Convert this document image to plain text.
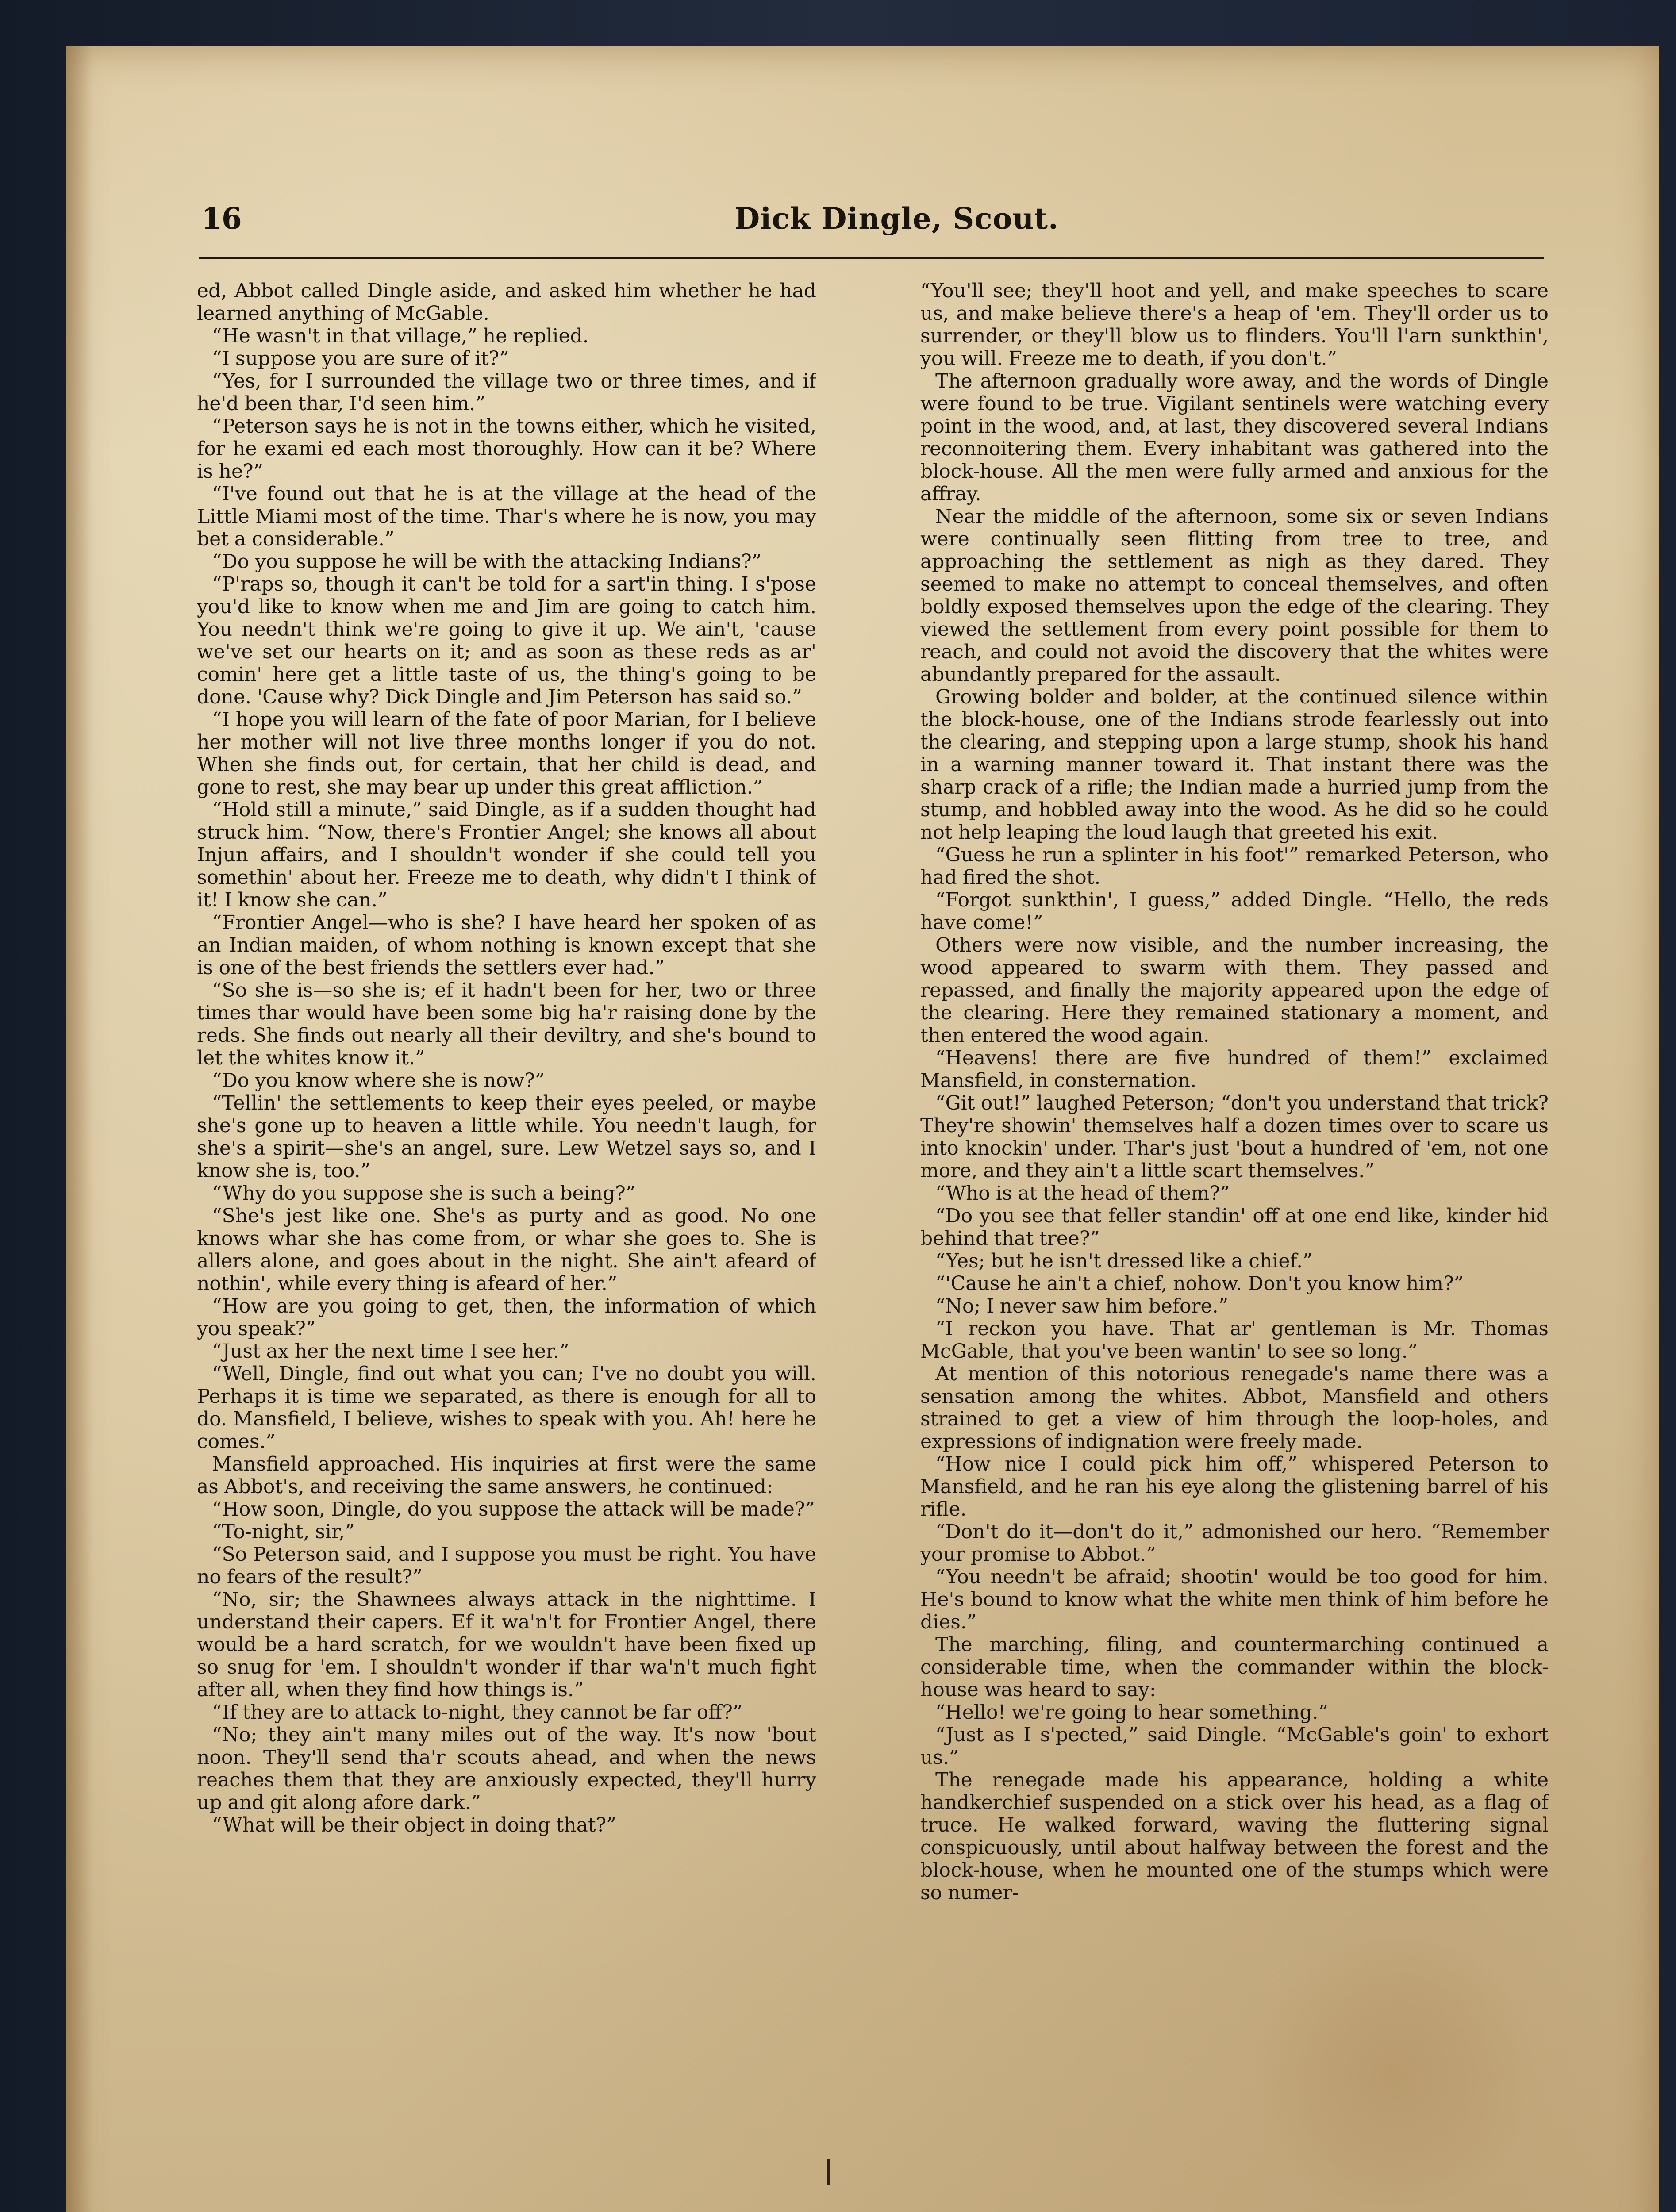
16	Dick Dingle, Scout.

ed, Abbot called Dingle aside, and asked him whether he had learned anything of McGable.

“He wasn't in that village,” he replied.

“I suppose you are sure of it?”

“Yes, for I surrounded the village two or three times, and if he'd been thar, I'd seen him.”

“Peterson says he is not in the towns either, which he visited, for he exami ed each most thoroughly. How can it be? Where is he?”

“I've found out that he is at the village at the head of the Little Miami most of the time. Thar's where he is now, you may bet a considerable.”

“Do you suppose he will be with the attacking Indians?”

“P'raps so, though it can't be told for a sart'in thing. I s'pose you'd like to know when me and Jim are going to catch him. You needn't think we're going to give it up. We ain't, 'cause we've set our hearts on it; and as soon as these reds as ar' comin' here get a little taste of us, the thing's going to be done. 'Cause why? Dick Dingle and Jim Peterson has said so.”

“I hope you will learn of the fate of poor Marian, for I believe her mother will not live three months longer if you do not. When she finds out, for certain, that her child is dead, and gone to rest, she may bear up under this great affliction.”

“Hold still a minute,” said Dingle, as if a sudden thought had struck him. “Now, there's Frontier Angel; she knows all about Injun affairs, and I shouldn't wonder if she could tell you somethin' about her. Freeze me to death, why didn't I think of it! I know she can.”

“Frontier Angel—who is she? I have heard her spoken of as an Indian maiden, of whom nothing is known except that she is one of the best friends the settlers ever had.”

“So she is—so she is; ef it hadn't been for her, two or three times thar would have been some big ha'r raising done by the reds. She finds out nearly all their deviltry, and she's bound to let the whites know it.”

“Do you know where she is now?”

“Tellin' the settlements to keep their eyes peeled, or maybe she's gone up to heaven a little while. You needn't laugh, for she's a spirit—she's an angel, sure. Lew Wetzel says so, and I know she is, too.”

“Why do you suppose she is such a being?”

“She's jest like one. She's as purty and as good. No one knows whar she has come from, or whar she goes to. She is allers alone, and goes about in the night. She ain't afeard of nothin', while every thing is afeard of her.”

“How are you going to get, then, the information of which you speak?”

“Just ax her the next time I see her.”

“Well, Dingle, find out what you can; I've no doubt you will. Perhaps it is time we separated, as there is enough for all to do. Mansfield, I believe, wishes to speak with you. Ah! here he comes.”

Mansfield approached. His inquiries at first were the same as Abbot's, and receiving the same answers, he continued:

“How soon, Dingle, do you suppose the attack will be made?”

“To-night, sir,”

“So Peterson said, and I suppose you must be right. You have no fears of the result?”

“No, sir; the Shawnees always attack in the nighttime. I understand their capers. Ef it wa'n't for Frontier Angel, there would be a hard scratch, for we wouldn't have been fixed up so snug for 'em. I shouldn't wonder if thar wa'n't much fight after all, when they find how things is.”

“If they are to attack to-night, they cannot be far off?”

“No; they ain't many miles out of the way. It's now 'bout noon. They'll send tha'r scouts ahead, and when the news reaches them that they are anxiously expected, they'll hurry up and git along afore dark.”

“What will be their object in doing that?”

“You'll see; they'll hoot and yell, and make speeches to scare us, and make believe there's a heap of 'em. They'll order us to surrender, or they'll blow us to flinders. You'll l'arn sunkthin', you will. Freeze me to death, if you don't.”

The afternoon gradually wore away, and the words of Dingle were found to be true. Vigilant sentinels were watching every point in the wood, and, at last, they discovered several Indians reconnoitering them. Every inhabitant was gathered into the block-house. All the men were fully armed and anxious for the affray.

Near the middle of the afternoon, some six or seven Indians were continually seen flitting from tree to tree, and approaching the settlement as nigh as they dared. They seemed to make no attempt to conceal themselves, and often boldly exposed themselves upon the edge of the clearing. They viewed the settlement from every point possible for them to reach, and could not avoid the discovery that the whites were abundantly prepared for the assault.

Growing bolder and bolder, at the continued silence within the block-house, one of the Indians strode fearlessly out into the clearing, and stepping upon a large stump, shook his hand in a warning manner toward it. That instant there was the sharp crack of a rifle; the Indian made a hurried jump from the stump, and hobbled away into the wood. As he did so he could not help leaping the loud laugh that greeted his exit.

“Guess he run a splinter in his foot'” remarked Peterson, who had fired the shot.

“Forgot sunkthin', I guess,” added Dingle. “Hello, the reds have come!”

Others were now visible, and the number increasing, the wood appeared to swarm with them. They passed and repassed, and finally the majority appeared upon the edge of the clearing. Here they remained stationary a moment, and then entered the wood again.

“Heavens! there are five hundred of them!” exclaimed Mansfield, in consternation.

“Git out!” laughed Peterson; “don't you understand that trick? They're showin' themselves half a dozen times over to scare us into knockin' under. Thar's just 'bout a hundred of 'em, not one more, and they ain't a little scart themselves.”

“Who is at the head of them?”

“Do you see that feller standin' off at one end like, kinder hid behind that tree?”

“Yes; but he isn't dressed like a chief.”

“'Cause he ain't a chief, nohow. Don't you know him?”

“No; I never saw him before.”

“I reckon you have. That ar' gentleman is Mr. Thomas McGable, that you've been wantin' to see so long.”

At mention of this notorious renegade's name there was a sensation among the whites. Abbot, Mansfield and others strained to get a view of him through the loop-holes, and expressions of indignation were freely made.

“How nice I could pick him off,” whispered Peterson to Mansfield, and he ran his eye along the glistening barrel of his rifle.

“Don't do it—don't do it,” admonished our hero. “Remember your promise to Abbot.”

“You needn't be afraid; shootin' would be too good for him. He's bound to know what the white men think of him before he dies.”

The marching, filing, and countermarching continued a considerable time, when the commander within the block-house was heard to say:

“Hello! we're going to hear something.”

“Just as I s'pected,” said Dingle. “McGable's goin' to exhort us.”

The renegade made his appearance, holding a white handkerchief suspended on a stick over his head, as a flag of truce. He walked forward, waving the fluttering signal conspicuously, until about halfway between the forest and the block-house, when he mounted one of the stumps which were so numer-
